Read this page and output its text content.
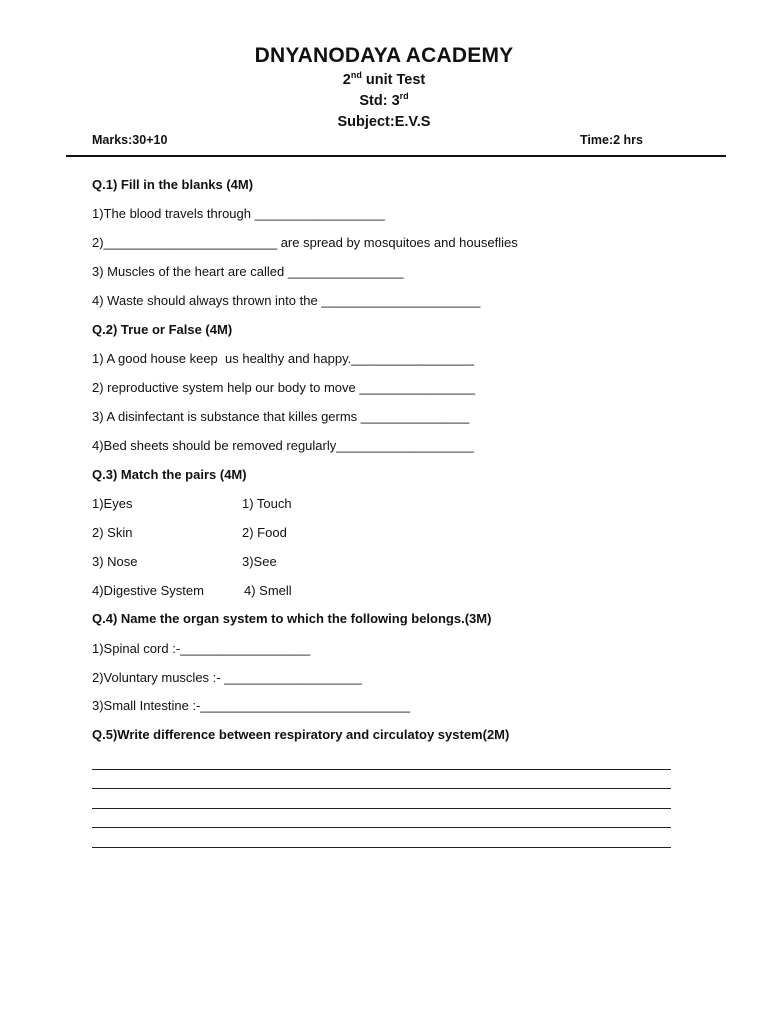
DNYANODAYA ACADEMY
2nd unit Test
Std: 3rd
Subject:E.V.S
Marks:30+10	Time:2 hrs
Q.1) Fill in the blanks (4M)
1)The blood travels through __________________
2)________________________ are spread by mosquitoes and houseflies
3) Muscles of the heart are called ________________
4) Waste should always thrown into the ______________________
Q.2) True or False (4M)
1) A good house keep  us healthy and happy._________________
2) reproductive system help our body to move ________________
3) A disinfectant is substance that killes germs _______________
4)Bed sheets should be removed regularly___________________
Q.3) Match the pairs (4M)
1)Eyes	1) Touch
2) Skin	2) Food
3) Nose	3)See
4)Digestive System	4) Smell
Q.4) Name the organ system to which the following belongs.(3M)
1)Spinal cord :-__________________
2)Voluntary muscles :- ___________________
3)Small Intestine :-_____________________________
Q.5)Write difference between respiratory and circulatoy system(2M)
